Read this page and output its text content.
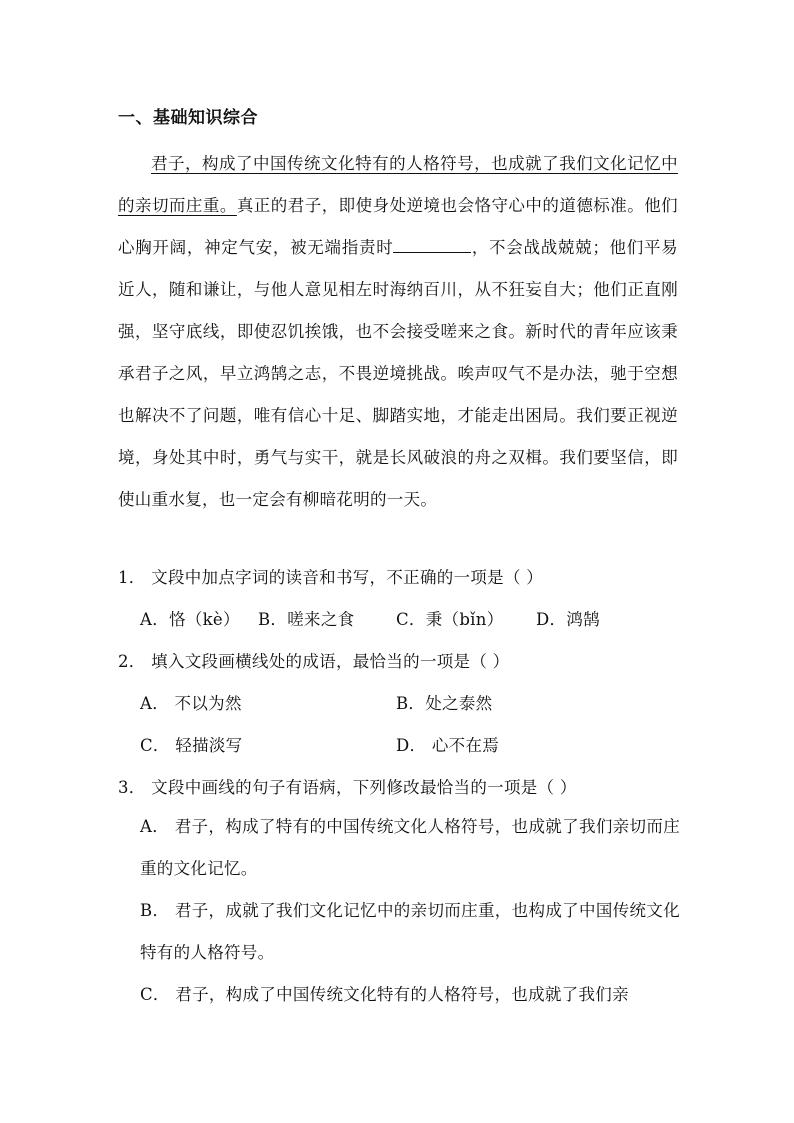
一、基础知识综合

君子，构成了中国传统文化特有的人格符号，也成就了我们文化记忆中的亲切而庄重。真正的君子，即使身处逆境也会恪守心中的道德标准。他们心胸开阔，神定气安，被无端指责时	，不会战战兢兢；他们平易近人，随和谦让，与他人意见相左时海纳百川，从不狂妄自大；他们正直刚强，坚守底线，即使忍饥挨饿，也不会接受嗟来之食。新时代的青年应该秉承君子之风，早立鸿鹄之志，不畏逆境挑战。唉声叹气不是办法，驰于空想也解决不了问题，唯有信心十足、脚踏实地，才能走出困局。我们要正视逆境，身处其中时，勇气与实干，就是长风破浪的舟之双楫。我们要坚信，即使山重水复，也一定会有柳暗花明的一天。

1． 文段中加点字词的读音和书写，不正确的一项是（ ）

A．恪（kè） B．嗟来之食	C．秉（bǐn） D．鸿鹄

2． 填入文段画横线处的成语，最恰当的一项是（ ）

A． 不以为然	B．处之泰然

C． 轻描淡写	D． 心不在焉

3． 文段中画线的句子有语病，下列修改最恰当的一项是（ ）

A． 君子，构成了特有的中国传统文化人格符号，也成就了我们亲切而庄重的文化记忆。

B． 君子，成就了我们文化记忆中的亲切而庄重，也构成了中国传统文化特有的人格符号。

C． 君子，构成了中国传统文化特有的人格符号，也成就了我们亲
